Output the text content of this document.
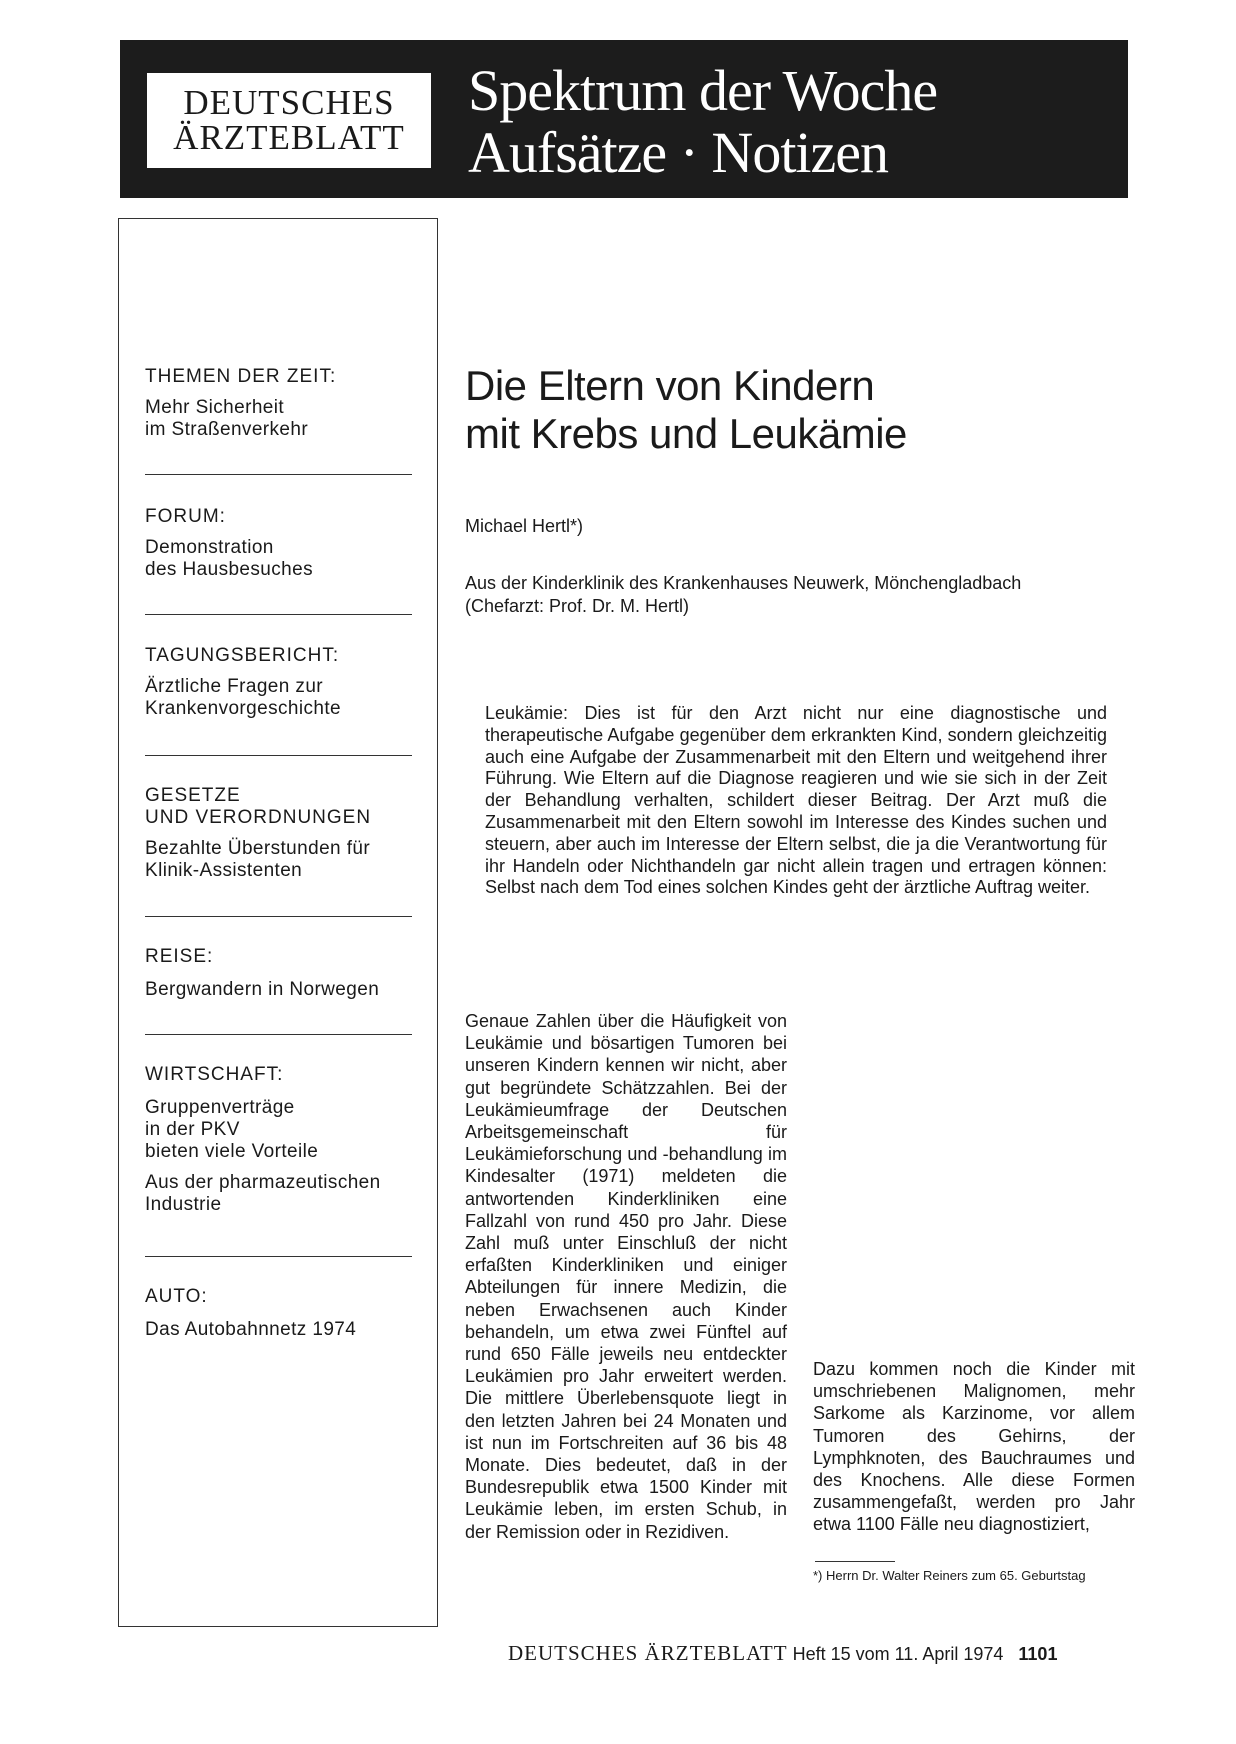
DEUTSCHES
ÄRZTEBLATT
Spektrum der Woche
Aufsätze · Notizen
THEMEN DER ZEIT:
Mehr Sicherheit
im Straßenverkehr
FORUM:
Demonstration
des Hausbesuches
TAGUNGSBERICHT:
Ärztliche Fragen zur
Krankenvorgeschichte
GESETZE
UND VERORDNUNGEN
Bezahlte Überstunden für
Klinik-Assistenten
REISE:
Bergwandern in Norwegen
WIRTSCHAFT:
Gruppenverträge
in der PKV
bieten viele Vorteile
Aus der pharmazeutischen
Industrie
AUTO:
Das Autobahnnetz 1974
Die Eltern von Kindern
mit Krebs und Leukämie
Michael Hertl*)
Aus der Kinderklinik des Krankenhauses Neuwerk, Mönchengladbach
(Chefarzt: Prof. Dr. M. Hertl)
Leukämie: Dies ist für den Arzt nicht nur eine diagnostische und therapeutische Aufgabe gegenüber dem erkrankten Kind, sondern gleichzeitig auch eine Aufgabe der Zusammenarbeit mit den Eltern und weitgehend ihrer Führung. Wie Eltern auf die Diagnose reagieren und wie sie sich in der Zeit der Behandlung verhalten, schildert dieser Beitrag. Der Arzt muß die Zusammenarbeit mit den Eltern sowohl im Interesse des Kindes suchen und steuern, aber auch im Interesse der Eltern selbst, die ja die Verantwortung für ihr Handeln oder Nichthandeln gar nicht allein tragen und ertragen können: Selbst nach dem Tod eines solchen Kindes geht der ärztliche Auftrag weiter.
Genaue Zahlen über die Häufigkeit von Leukämie und bösartigen Tumoren bei unseren Kindern kennen wir nicht, aber gut begründete Schätzzahlen. Bei der Leukämieumfrage der Deutschen Arbeitsgemeinschaft für Leukämieforschung und -behandlung im Kindesalter (1971) meldeten die antwortenden Kinderkliniken eine Fallzahl von rund 450 pro Jahr. Diese Zahl muß unter Einschluß der nicht erfaßten Kinderkliniken und einiger Abteilungen für innere Medizin, die neben Erwachsenen auch Kinder behandeln, um etwa zwei Fünftel auf rund 650 Fälle jeweils neu entdeckter Leukämien pro Jahr erweitert werden. Die mittlere Überlebensquote liegt in den letzten Jahren bei 24 Monaten und ist nun im Fortschreiten auf 36 bis 48 Monate. Dies bedeutet, daß in der Bundesrepublik etwa 1500 Kinder mit Leukämie leben, im ersten Schub, in der Remission oder in Rezidiven.
Dazu kommen noch die Kinder mit umschriebenen Malignomen, mehr Sarkome als Karzinome, vor allem Tumoren des Gehirns, der Lymphknoten, des Bauchraumes und des Knochens. Alle diese Formen zusammengefaßt, werden pro Jahr etwa 1100 Fälle neu diagnostiziert,
*) Herrn Dr. Walter Reiners zum 65. Geburtstag
DEUTSCHES ÄRZTEBLATT Heft 15 vom 11. April 1974 1101
